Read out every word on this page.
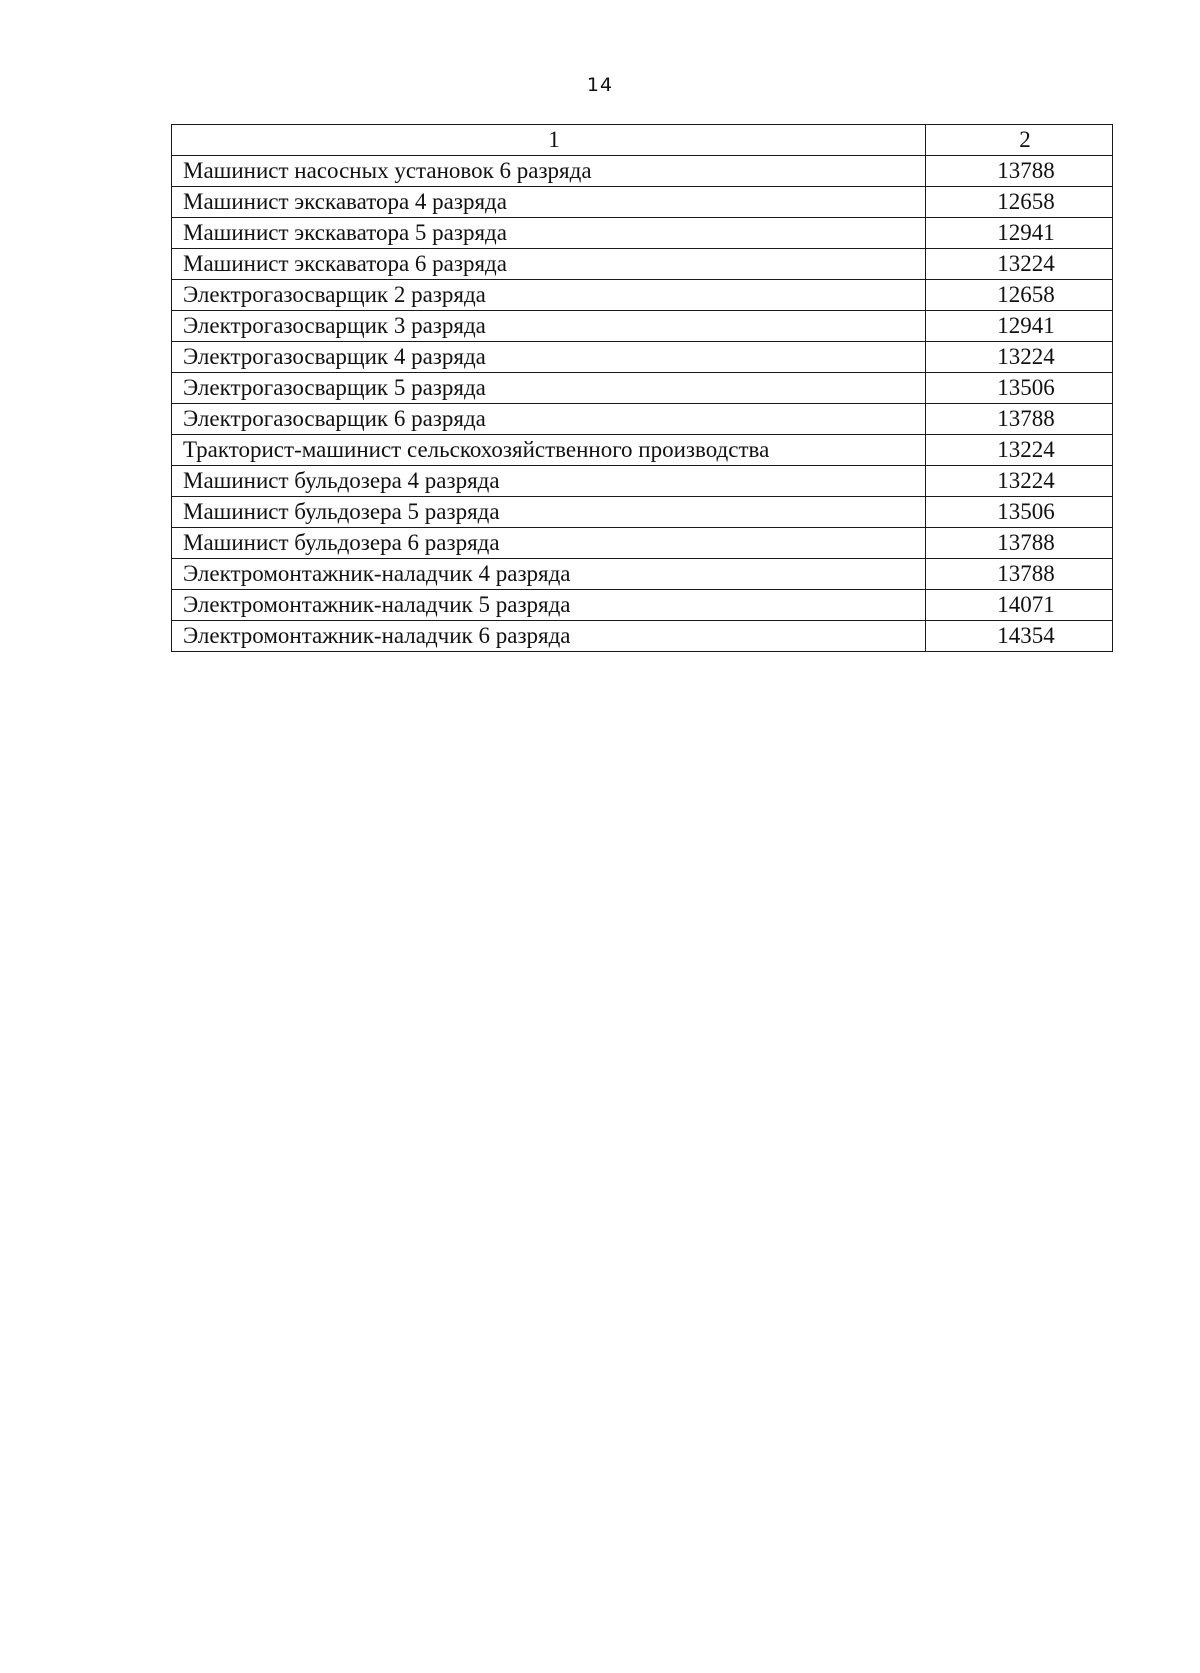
14
1	2
Машинист насосных установок 6 разряда	13788
Машинист экскаватора 4 разряда	12658
Машинист экскаватора 5 разряда	12941
Машинист экскаватора 6 разряда	13224
Электрогазосварщик 2 разряда	12658
Электрогазосварщик 3 разряда	12941
Электрогазосварщик 4 разряда	13224
Электрогазосварщик 5 разряда	13506
Электрогазосварщик 6 разряда	13788
Тракторист-машинист сельскохозяйственного производства	13224
Машинист бульдозера 4 разряда	13224
Машинист бульдозера 5 разряда	13506
Машинист бульдозера 6 разряда	13788
Электромонтажник-наладчик 4 разряда	13788
Электромонтажник-наладчик 5 разряда	14071
Электромонтажник-наладчик 6 разряда	14354
